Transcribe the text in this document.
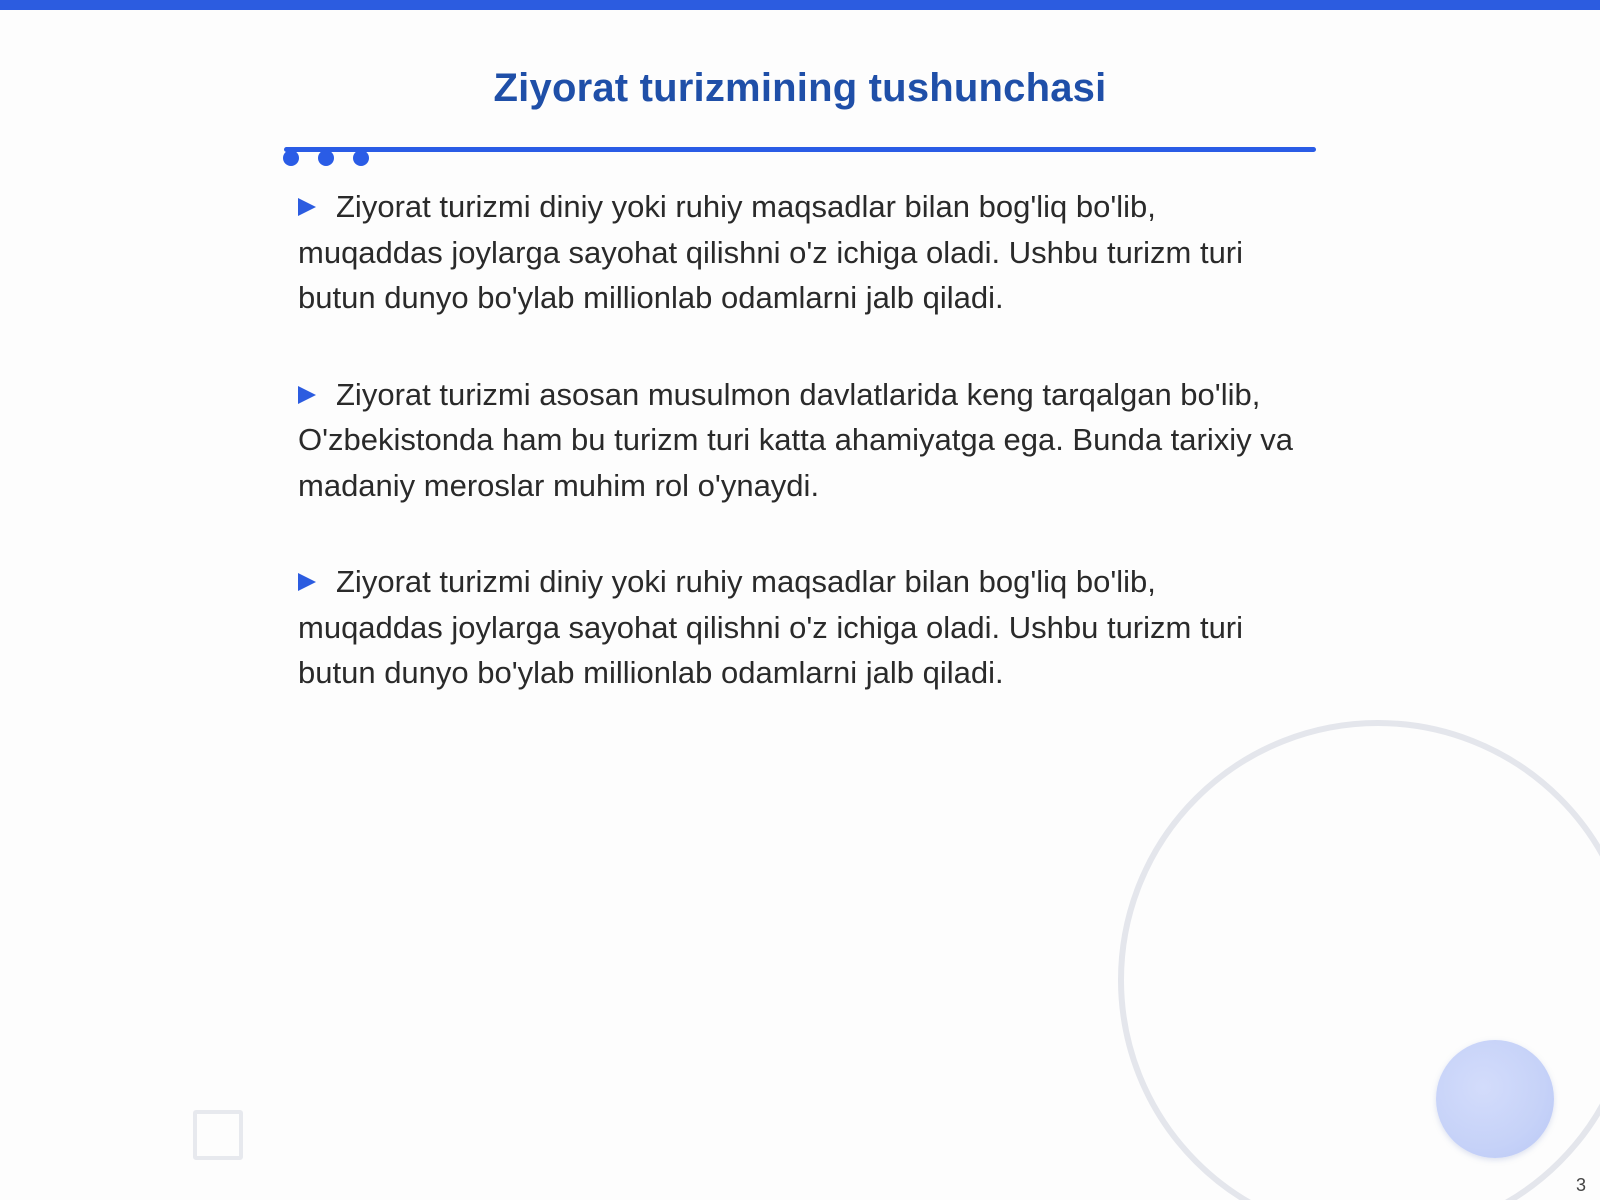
Ziyorat turizmining tushunchasi
Ziyorat turizmi diniy yoki ruhiy maqsadlar bilan bog'liq bo'lib, muqaddas joylarga sayohat qilishni o'z ichiga oladi. Ushbu turizm turi butun dunyo bo'ylab millionlab odamlarni jalb qiladi.
Ziyorat turizmi asosan musulmon davlatlarida keng tarqalgan bo'lib, O'zbekistonda ham bu turizm turi katta ahamiyatga ega. Bunda tarixiy va madaniy meroslar muhim rol o'ynaydi.
Ziyorat turizmi diniy yoki ruhiy maqsadlar bilan bog'liq bo'lib, muqaddas joylarga sayohat qilishni o'z ichiga oladi. Ushbu turizm turi butun dunyo bo'ylab millionlab odamlarni jalb qiladi.
3
